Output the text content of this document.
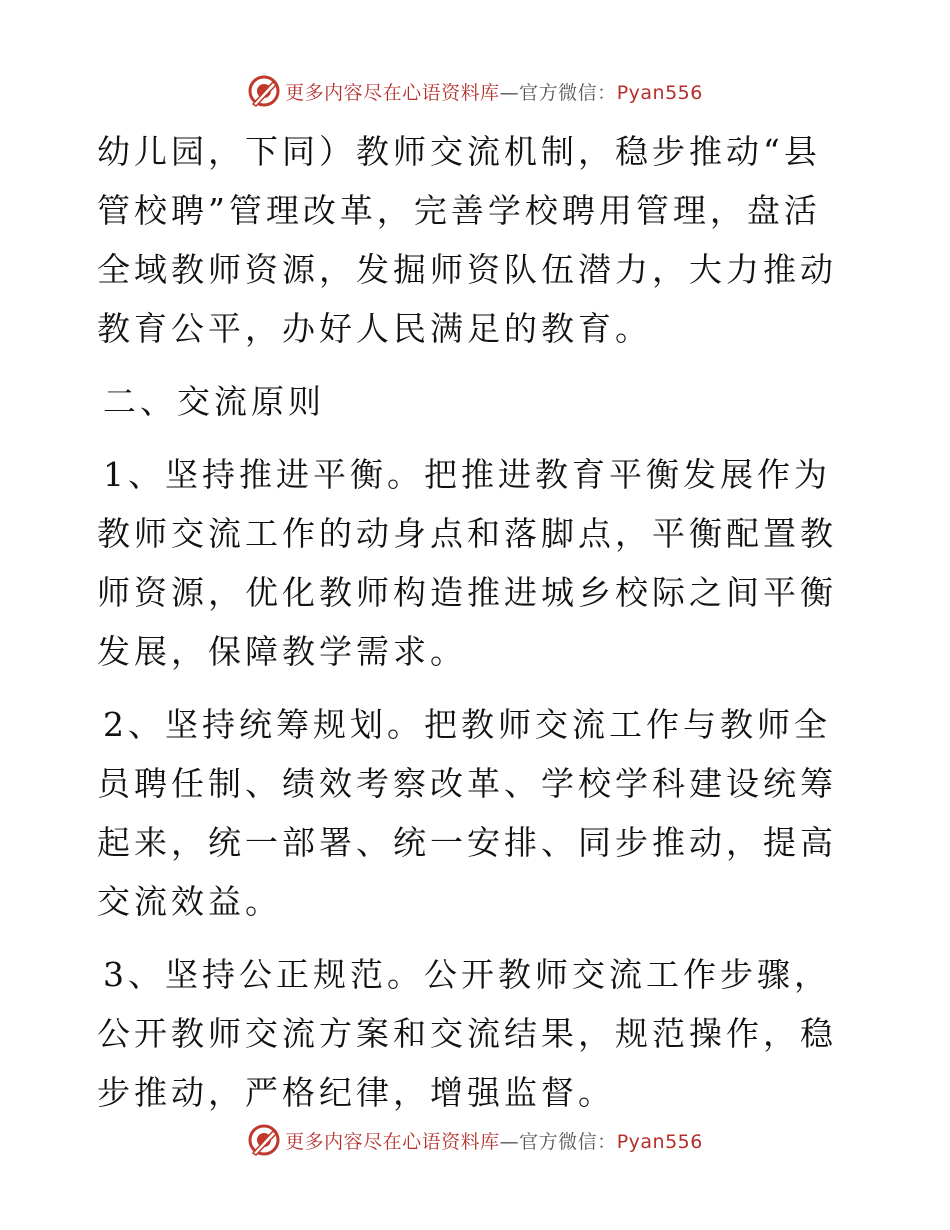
更多内容尽在心语资料库—官方微信：Pyan556

幼儿园，下同）教师交流机制，稳步推动“县管校聘”管理改革，完善学校聘用管理，盘活全域教师资源，发掘师资队伍潜力，大力推动教育公平，办好人民满足的教育。

二、交流原则

1、坚持推进平衡。把推进教育平衡发展作为教师交流工作的动身点和落脚点，平衡配置教师资源，优化教师构造推进城乡校际之间平衡发展，保障教学需求。

2、坚持统筹规划。把教师交流工作与教师全员聘任制、绩效考察改革、学校学科建设统筹起来，统一部署、统一安排、同步推动，提高交流效益。

3、坚持公正规范。公开教师交流工作步骤，公开教师交流方案和交流结果，规范操作，稳步推动，严格纪律，增强监督。

更多内容尽在心语资料库—官方微信：Pyan556
